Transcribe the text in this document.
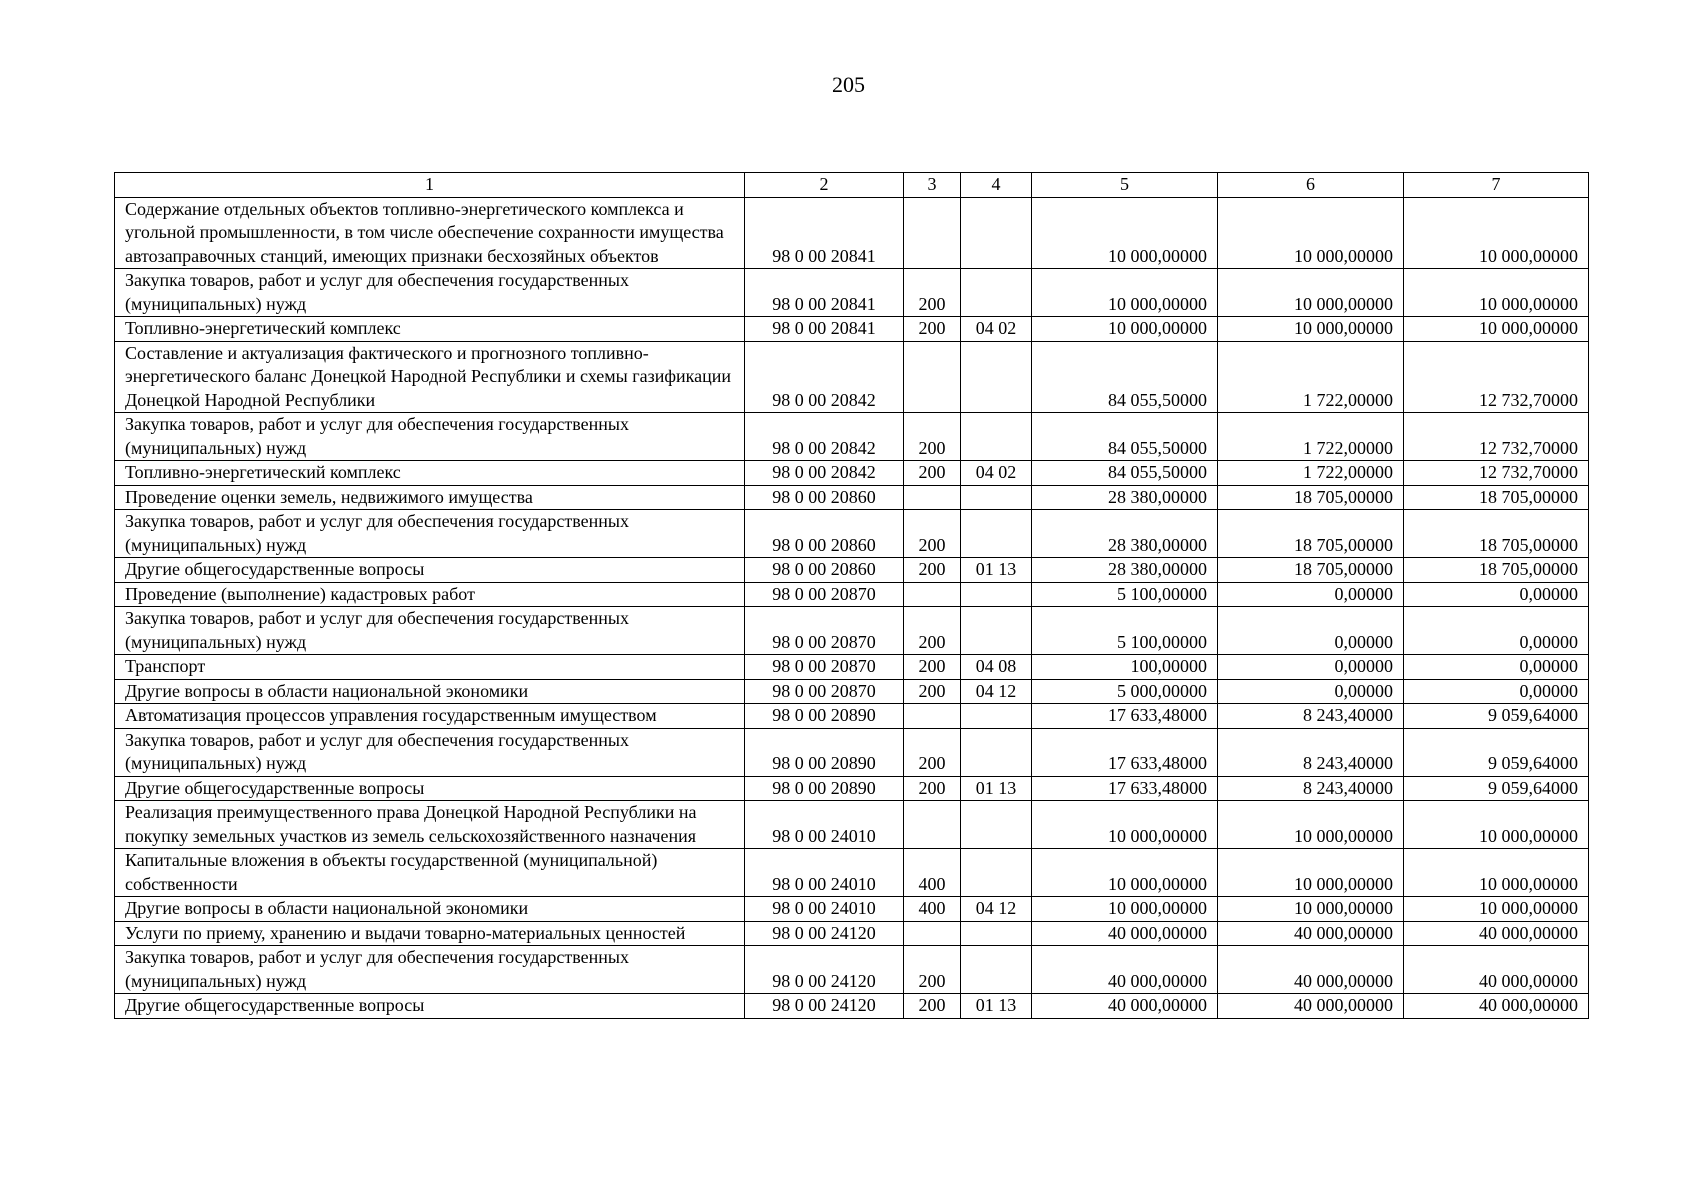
205
1	2	3	4	5	6	7
Содержание отдельных объектов топливно-энергетического комплекса и угольной промышленности, в том числе обеспечение сохранности имущества автозаправочных станций, имеющих признаки бесхозяйных объектов	98 0 00 20841			10 000,00000	10 000,00000	10 000,00000
Закупка товаров, работ и услуг для обеспечения государственных (муниципальных) нужд	98 0 00 20841	200		10 000,00000	10 000,00000	10 000,00000
Топливно-энергетический комплекс	98 0 00 20841	200	04 02	10 000,00000	10 000,00000	10 000,00000
Составление и актуализация фактического и прогнозного топливно-энергетического баланс Донецкой Народной Республики и схемы газификации Донецкой Народной Республики	98 0 00 20842			84 055,50000	1 722,00000	12 732,70000
Закупка товаров, работ и услуг для обеспечения государственных (муниципальных) нужд	98 0 00 20842	200		84 055,50000	1 722,00000	12 732,70000
Топливно-энергетический комплекс	98 0 00 20842	200	04 02	84 055,50000	1 722,00000	12 732,70000
Проведение оценки земель, недвижимого имущества	98 0 00 20860			28 380,00000	18 705,00000	18 705,00000
Закупка товаров, работ и услуг для обеспечения государственных (муниципальных) нужд	98 0 00 20860	200		28 380,00000	18 705,00000	18 705,00000
Другие общегосударственные вопросы	98 0 00 20860	200	01 13	28 380,00000	18 705,00000	18 705,00000
Проведение (выполнение) кадастровых работ	98 0 00 20870			5 100,00000	0,00000	0,00000
Закупка товаров, работ и услуг для обеспечения государственных (муниципальных) нужд	98 0 00 20870	200		5 100,00000	0,00000	0,00000
Транспорт	98 0 00 20870	200	04 08	100,00000	0,00000	0,00000
Другие вопросы в области национальной экономики	98 0 00 20870	200	04 12	5 000,00000	0,00000	0,00000
Автоматизация процессов управления государственным имуществом	98 0 00 20890			17 633,48000	8 243,40000	9 059,64000
Закупка товаров, работ и услуг для обеспечения государственных (муниципальных) нужд	98 0 00 20890	200		17 633,48000	8 243,40000	9 059,64000
Другие общегосударственные вопросы	98 0 00 20890	200	01 13	17 633,48000	8 243,40000	9 059,64000
Реализация преимущественного права Донецкой Народной Республики на покупку земельных участков из земель сельскохозяйственного назначения	98 0 00 24010			10 000,00000	10 000,00000	10 000,00000
Капитальные вложения в объекты государственной (муниципальной) собственности	98 0 00 24010	400		10 000,00000	10 000,00000	10 000,00000
Другие вопросы в области национальной экономики	98 0 00 24010	400	04 12	10 000,00000	10 000,00000	10 000,00000
Услуги по приему, хранению и выдачи товарно-материальных ценностей	98 0 00 24120			40 000,00000	40 000,00000	40 000,00000
Закупка товаров, работ и услуг для обеспечения государственных (муниципальных) нужд	98 0 00 24120	200		40 000,00000	40 000,00000	40 000,00000
Другие общегосударственные вопросы	98 0 00 24120	200	01 13	40 000,00000	40 000,00000	40 000,00000
